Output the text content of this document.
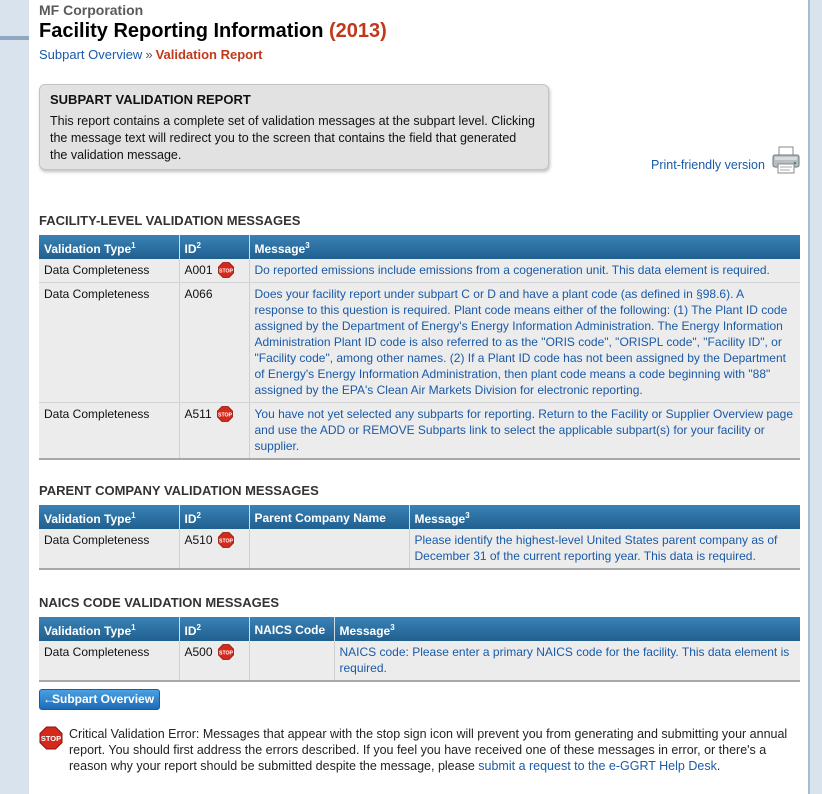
MF Corporation
Facility Reporting Information (2013)
Subpart Overview » Validation Report
SUBPART VALIDATION REPORT

This report contains a complete set of validation messages at the subpart level. Clicking the message text will redirect you to the screen that contains the field that generated the validation message.

$_{Print-friendly version}$
FACILITY-LEVEL VALIDATION MESSAGES
Validation Type$^1$	$ID^2$	Message$^3$
Data Completeness	A001 STOP	Do reported emissions include emissions from a cogeneration unit. This data element is required.
Data Completeness	A066	Does your facility report under subpart C or D and have a plant code (as defined in §98.6). A response to this question is required. Plant code means either of the following: (1) The Plant ID code assigned by the Department of Energy's Energy Information Administration. The Energy Information Administration Plant ID code is also referred to as the "ORIS code", "ORISPL code", "Facility ID", or "Facility code", among other names. (2) If a Plant ID code has not been assigned by the Department of Energy's Energy Information Administration, then plant code means a code beginning with "88" assigned by the EPA's Clean Air Markets Division for electronic reporting.
Data Completeness	A511 STOP	You have not yet selected any subparts for reporting. Return to the Facility or Supplier Overview page and use the ADD or REMOVE Subparts link to select the applicable subpart(s) for your facility or supplier.
PARENT COMPANY VALIDATION MESSAGES
Validation Type$^1$	$ID^2$	Parent Company Name	Message$^3$
Data Completeness	A510 STOP		Please identify the highest-level United States parent company as of December 31 of the current reporting year. This data is required.
NAICS CODE VALIDATION MESSAGES
Validation Type$^1$	$ID^2$	NAICS Code	Message$^3$
Data Completeness	A500 STOP		NAICS code: Please enter a primary NAICS code for the facility. This data element is required.
←
Subpart Overview
STOP Critical Validation Error: Messages that appear with the stop sign icon will prevent you from generating and submitting your annual report. You should first address the errors described. If you feel you have received one of these messages in error, or there's a reason why your report should be submitted despite the message, please submit a request to the e-GGRT Help Desk.
